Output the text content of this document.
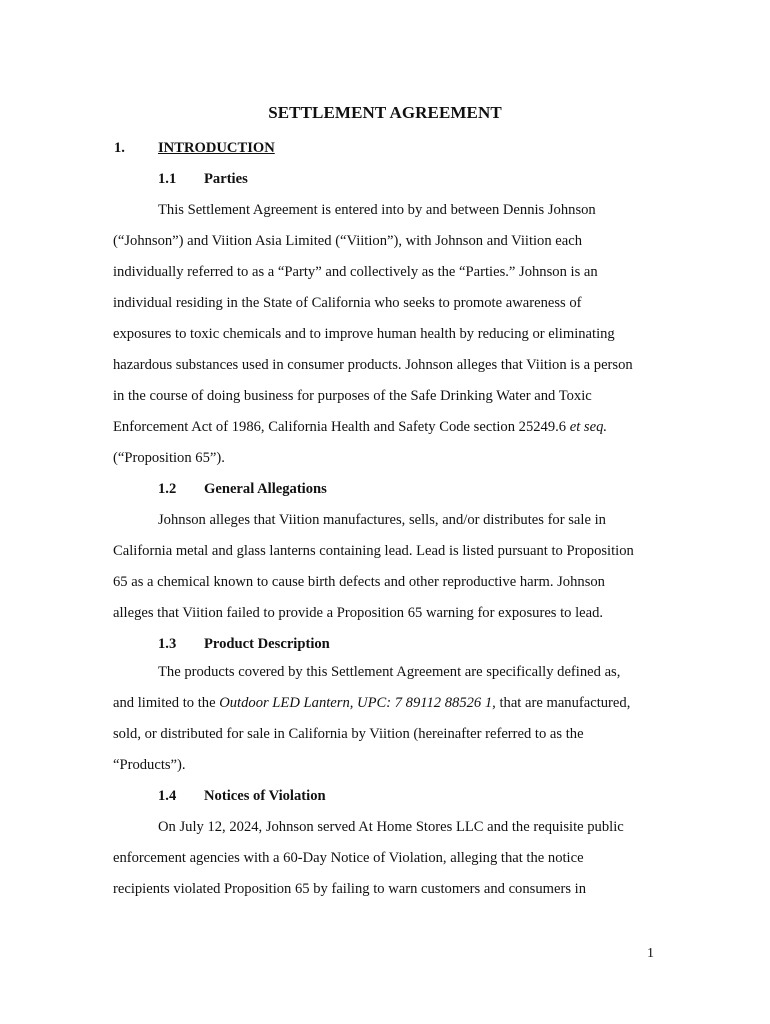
SETTLEMENT AGREEMENT
1. INTRODUCTION
1.1 Parties
This Settlement Agreement is entered into by and between Dennis Johnson
(“Johnson”) and Viition Asia Limited (“Viition”), with Johnson and Viition each
individually referred to as a “Party” and collectively as the “Parties.” Johnson is an
individual residing in the State of California who seeks to promote awareness of
exposures to toxic chemicals and to improve human health by reducing or eliminating
hazardous substances used in consumer products. Johnson alleges that Viition is a person
in the course of doing business for purposes of the Safe Drinking Water and Toxic
Enforcement Act of 1986, California Health and Safety Code section 25249.6 et seq.
(“Proposition 65”).
1.2 General Allegations
Johnson alleges that Viition manufactures, sells, and/or distributes for sale in
California metal and glass lanterns containing lead. Lead is listed pursuant to Proposition
65 as a chemical known to cause birth defects and other reproductive harm. Johnson
alleges that Viition failed to provide a Proposition 65 warning for exposures to lead.
1.3 Product Description
The products covered by this Settlement Agreement are specifically defined as,
and limited to the Outdoor LED Lantern, UPC: 7 89112 88526 1, that are manufactured,
sold, or distributed for sale in California by Viition (hereinafter referred to as the
“Products”).
1.4 Notices of Violation
On July 12, 2024, Johnson served At Home Stores LLC and the requisite public
enforcement agencies with a 60-Day Notice of Violation, alleging that the notice
recipients violated Proposition 65 by failing to warn customers and consumers in
1
